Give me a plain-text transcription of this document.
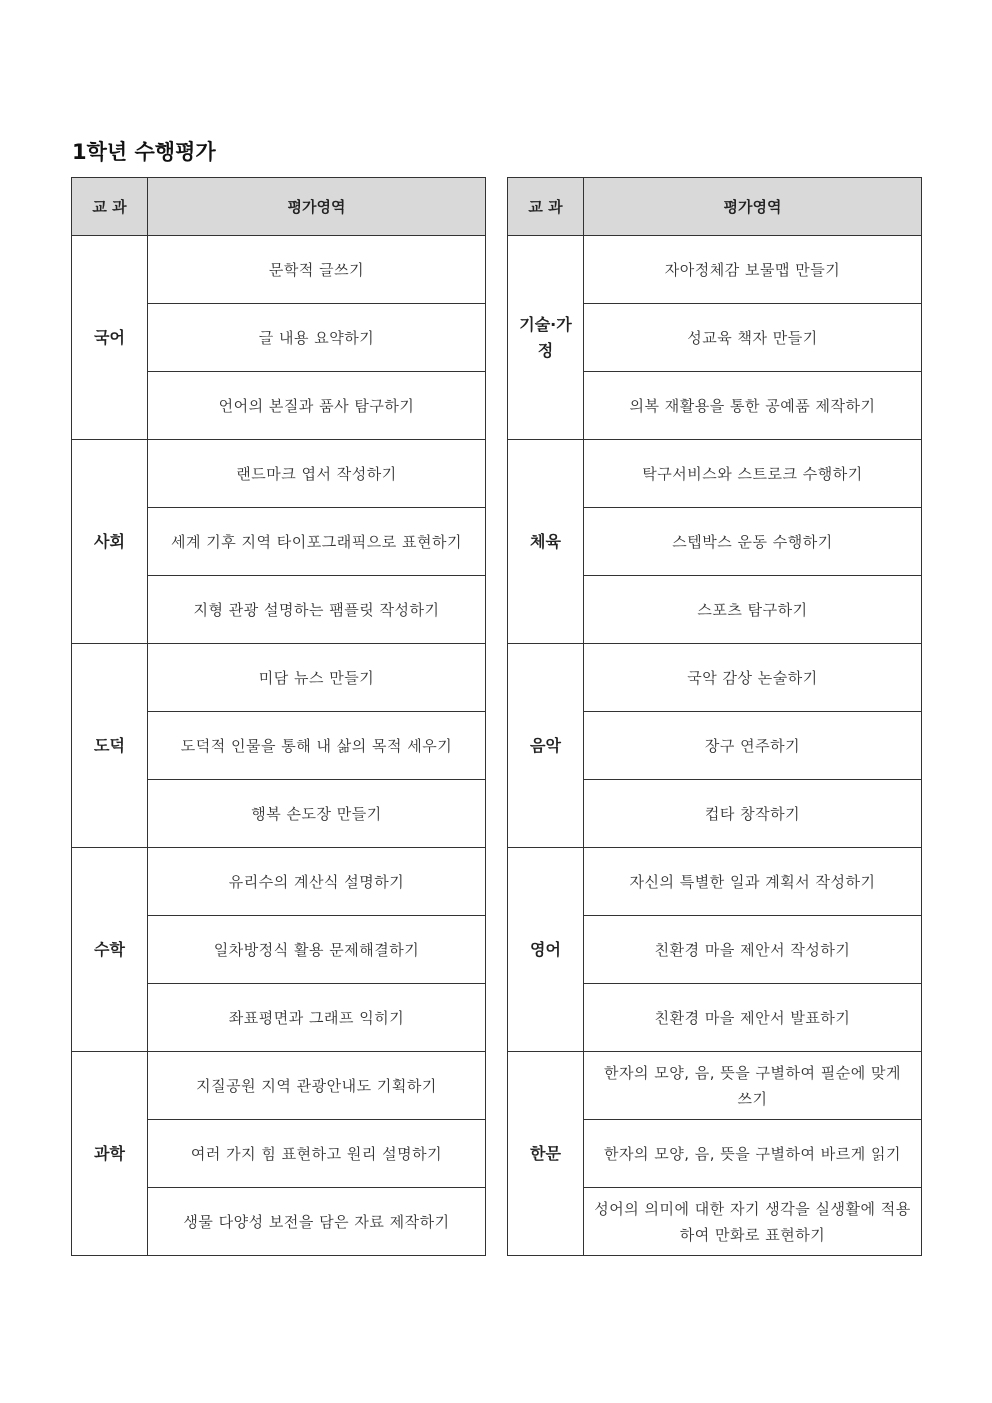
1학년 수행평가
교 과	평가영역
국어	문학적 글쓰기
	글 내용 요약하기
	언어의 본질과 품사 탐구하기
사회	랜드마크 엽서 작성하기
	세계 기후 지역 타이포그래픽으로 표현하기
	지형 관광 설명하는 팸플릿 작성하기
도덕	미담 뉴스 만들기
	도덕적 인물을 통해 내 삶의 목적 세우기
	행복 손도장 만들기
수학	유리수의 계산식 설명하기
	일차방정식 활용 문제해결하기
	좌표평면과 그래프 익히기
과학	지질공원 지역 관광안내도 기획하기
	여러 가지 힘 표현하고 원리 설명하기
	생물 다양성 보전을 담은 자료 제작하기
교 과	평가영역
기술·가정	자아정체감 보물맵 만들기
	성교육 책자 만들기
	의복 재활용을 통한 공예품 제작하기
체육	탁구서비스와 스트로크 수행하기
	스텝박스 운동 수행하기
	스포츠 탐구하기
음악	국악 감상 논술하기
	장구 연주하기
	컵타 창작하기
영어	자신의 특별한 일과 계획서 작성하기
	친환경 마을 제안서 작성하기
	친환경 마을 제안서 발표하기
한문	한자의 모양, 음, 뜻을 구별하여 필순에 맞게 쓰기
	한자의 모양, 음, 뜻을 구별하여 바르게 읽기
	성어의 의미에 대한 자기 생각을 실생활에 적용하여 만화로 표현하기
